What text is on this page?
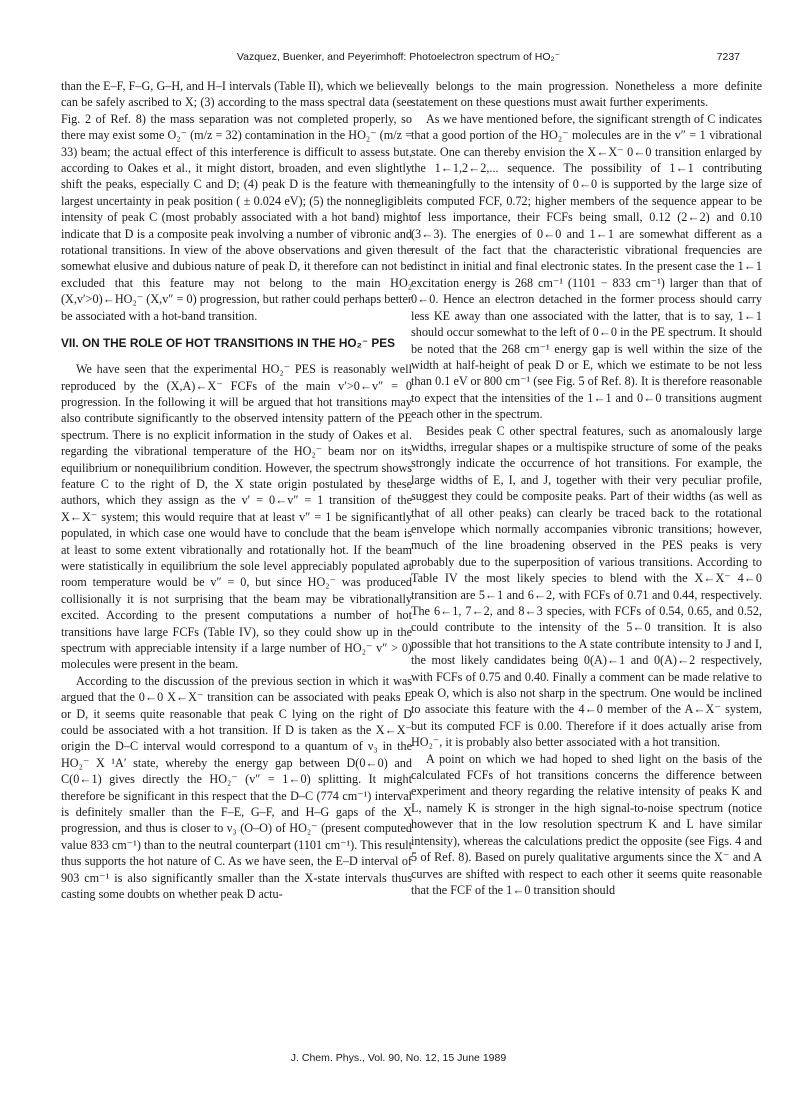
Vazquez, Buenker, and Peyerimhoff: Photoelectron spectrum of HO₂⁻	7237

than the E–F, F–G, G–H, and H–I intervals (Table II), which we believe can be safely ascribed to X; (3) according to the mass spectral data (see Fig. 2 of Ref. 8) the mass separation was not completed properly, so there may exist some O₂⁻ (m/z = 32) contamination in the HO₂⁻ (m/z = 33) beam; the actual effect of this interference is difficult to assess but, according to Oakes et al., it might distort, broaden, and even slightly shift the peaks, especially C and D; (4) peak D is the feature with the largest uncertainty in peak position ( ± 0.024 eV); (5) the nonnegligible intensity of peak C (most probably associated with a hot band) might indicate that D is a composite peak involving a number of vibronic and rotational transitions. In view of the above observations and given the somewhat elusive and dubious nature of peak D, it therefore can not be excluded that this feature may not belong to the main HO₂ (X,v′>0)←HO₂⁻ (X,v″ = 0) progression, but rather could perhaps better be associated with a hot-band transition.

VII. ON THE ROLE OF HOT TRANSITIONS IN THE HO₂⁻ PES

We have seen that the experimental HO₂⁻ PES is reasonably well reproduced by the (X,A)←X⁻ FCFs of the main v′>0←v″ = 0 progression. In the following it will be argued that hot transitions may also contribute significantly to the observed intensity pattern of the PE spectrum. There is no explicit information in the study of Oakes et al. regarding the vibrational temperature of the HO₂⁻ beam nor on its equilibrium or nonequilibrium condition. However, the spectrum shows feature C to the right of D, the X state origin postulated by these authors, which they assign as the v′ = 0←v″ = 1 transition of the X←X⁻ system; this would require that at least v″ = 1 be significantly populated, in which case one would have to conclude that the beam is at least to some extent vibrationally and rotationally hot. If the beam were statistically in equilibrium the sole level appreciably populated at room temperature would be v″ = 0, but since HO₂⁻ was produced collisionally it is not surprising that the beam may be vibrationally excited. According to the present computations a number of hot transitions have large FCFs (Table IV), so they could show up in the spectrum with appreciable intensity if a large number of HO₂⁻ v″ > 0) molecules were present in the beam.

According to the discussion of the previous section in which it was argued that the 0←0 X←X⁻ transition can be associated with peaks E or D, it seems quite reasonable that peak C lying on the right of D could be associated with a hot transition. If D is taken as the X←X⁻ origin the D–C interval would correspond to a quantum of ν₃ in the HO₂⁻ X ¹A′ state, whereby the energy gap between D(0←0) and C(0←1) gives directly the HO₂⁻ (v″ = 1←0) splitting. It might therefore be significant in this respect that the D–C (774 cm⁻¹) interval is definitely smaller than the F–E, G–F, and H–G gaps of the X progression, and thus is closer to ν₃ (O–O) of HO₂⁻ (present computed value 833 cm⁻¹) than to the neutral counterpart (1101 cm⁻¹). This result thus supports the hot nature of C. As we have seen, the E–D interval of 903 cm⁻¹ is also significantly smaller than the X-state intervals thus casting some doubts on whether peak D actu-

ally belongs to the main progression. Nonetheless a more definite statement on these questions must await further experiments.

As we have mentioned before, the significant strength of C indicates that a good portion of the HO₂⁻ molecules are in the v″ = 1 vibrational state. One can thereby envision the X←X⁻ 0←0 transition enlarged by the 1←1,2←2,... sequence. The possibility of 1←1 contributing meaningfully to the intensity of 0←0 is supported by the large size of its computed FCF, 0.72; higher members of the sequence appear to be of less importance, their FCFs being small, 0.12 (2←2) and 0.10 (3←3). The energies of 0←0 and 1←1 are somewhat different as a result of the fact that the characteristic vibrational frequencies are distinct in initial and final electronic states. In the present case the 1←1 excitation energy is 268 cm⁻¹ (1101 − 833 cm⁻¹) larger than that of 0←0. Hence an electron detached in the former process should carry less KE away than one associated with the latter, that is to say, 1←1 should occur somewhat to the left of 0←0 in the PE spectrum. It should be noted that the 268 cm⁻¹ energy gap is well within the size of the width at half-height of peak D or E, which we estimate to be not less than 0.1 eV or 800 cm⁻¹ (see Fig. 5 of Ref. 8). It is therefore reasonable to expect that the intensities of the 1←1 and 0←0 transitions augment each other in the spectrum.

Besides peak C other spectral features, such as anomalously large widths, irregular shapes or a multispike structure of some of the peaks strongly indicate the occurrence of hot transitions. For example, the large widths of E, I, and J, together with their very peculiar profile, suggest they could be composite peaks. Part of their widths (as well as that of all other peaks) can clearly be traced back to the rotational envelope which normally accompanies vibronic transitions; however, much of the line broadening observed in the PES peaks is very probably due to the superposition of various transitions. According to Table IV the most likely species to blend with the X←X⁻ 4←0 transition are 5←1 and 6←2, with FCFs of 0.71 and 0.44, respectively. The 6←1, 7←2, and 8←3 species, with FCFs of 0.54, 0.65, and 0.52, could contribute to the intensity of the 5←0 transition. It is also possible that hot transitions to the A state contribute intensity to J and I, the most likely candidates being 0(A)←1 and 0(A)←2 respectively, with FCFs of 0.75 and 0.40. Finally a comment can be made relative to peak O, which is also not sharp in the spectrum. One would be inclined to associate this feature with the 4←0 member of the A←X⁻ system, but its computed FCF is 0.00. Therefore if it does actually arise from HO₂⁻, it is probably also better associated with a hot transition.

A point on which we had hoped to shed light on the basis of the calculated FCFs of hot transitions concerns the difference between experiment and theory regarding the relative intensity of peaks K and L, namely K is stronger in the high signal-to-noise spectrum (notice however that in the low resolution spectrum K and L have similar intensity), whereas the calculations predict the opposite (see Figs. 4 and 5 of Ref. 8). Based on purely qualitative arguments since the X⁻ and A curves are shifted with respect to each other it seems quite reasonable that the FCF of the 1←0 transition should

J. Chem. Phys., Vol. 90, No. 12, 15 June 1989
